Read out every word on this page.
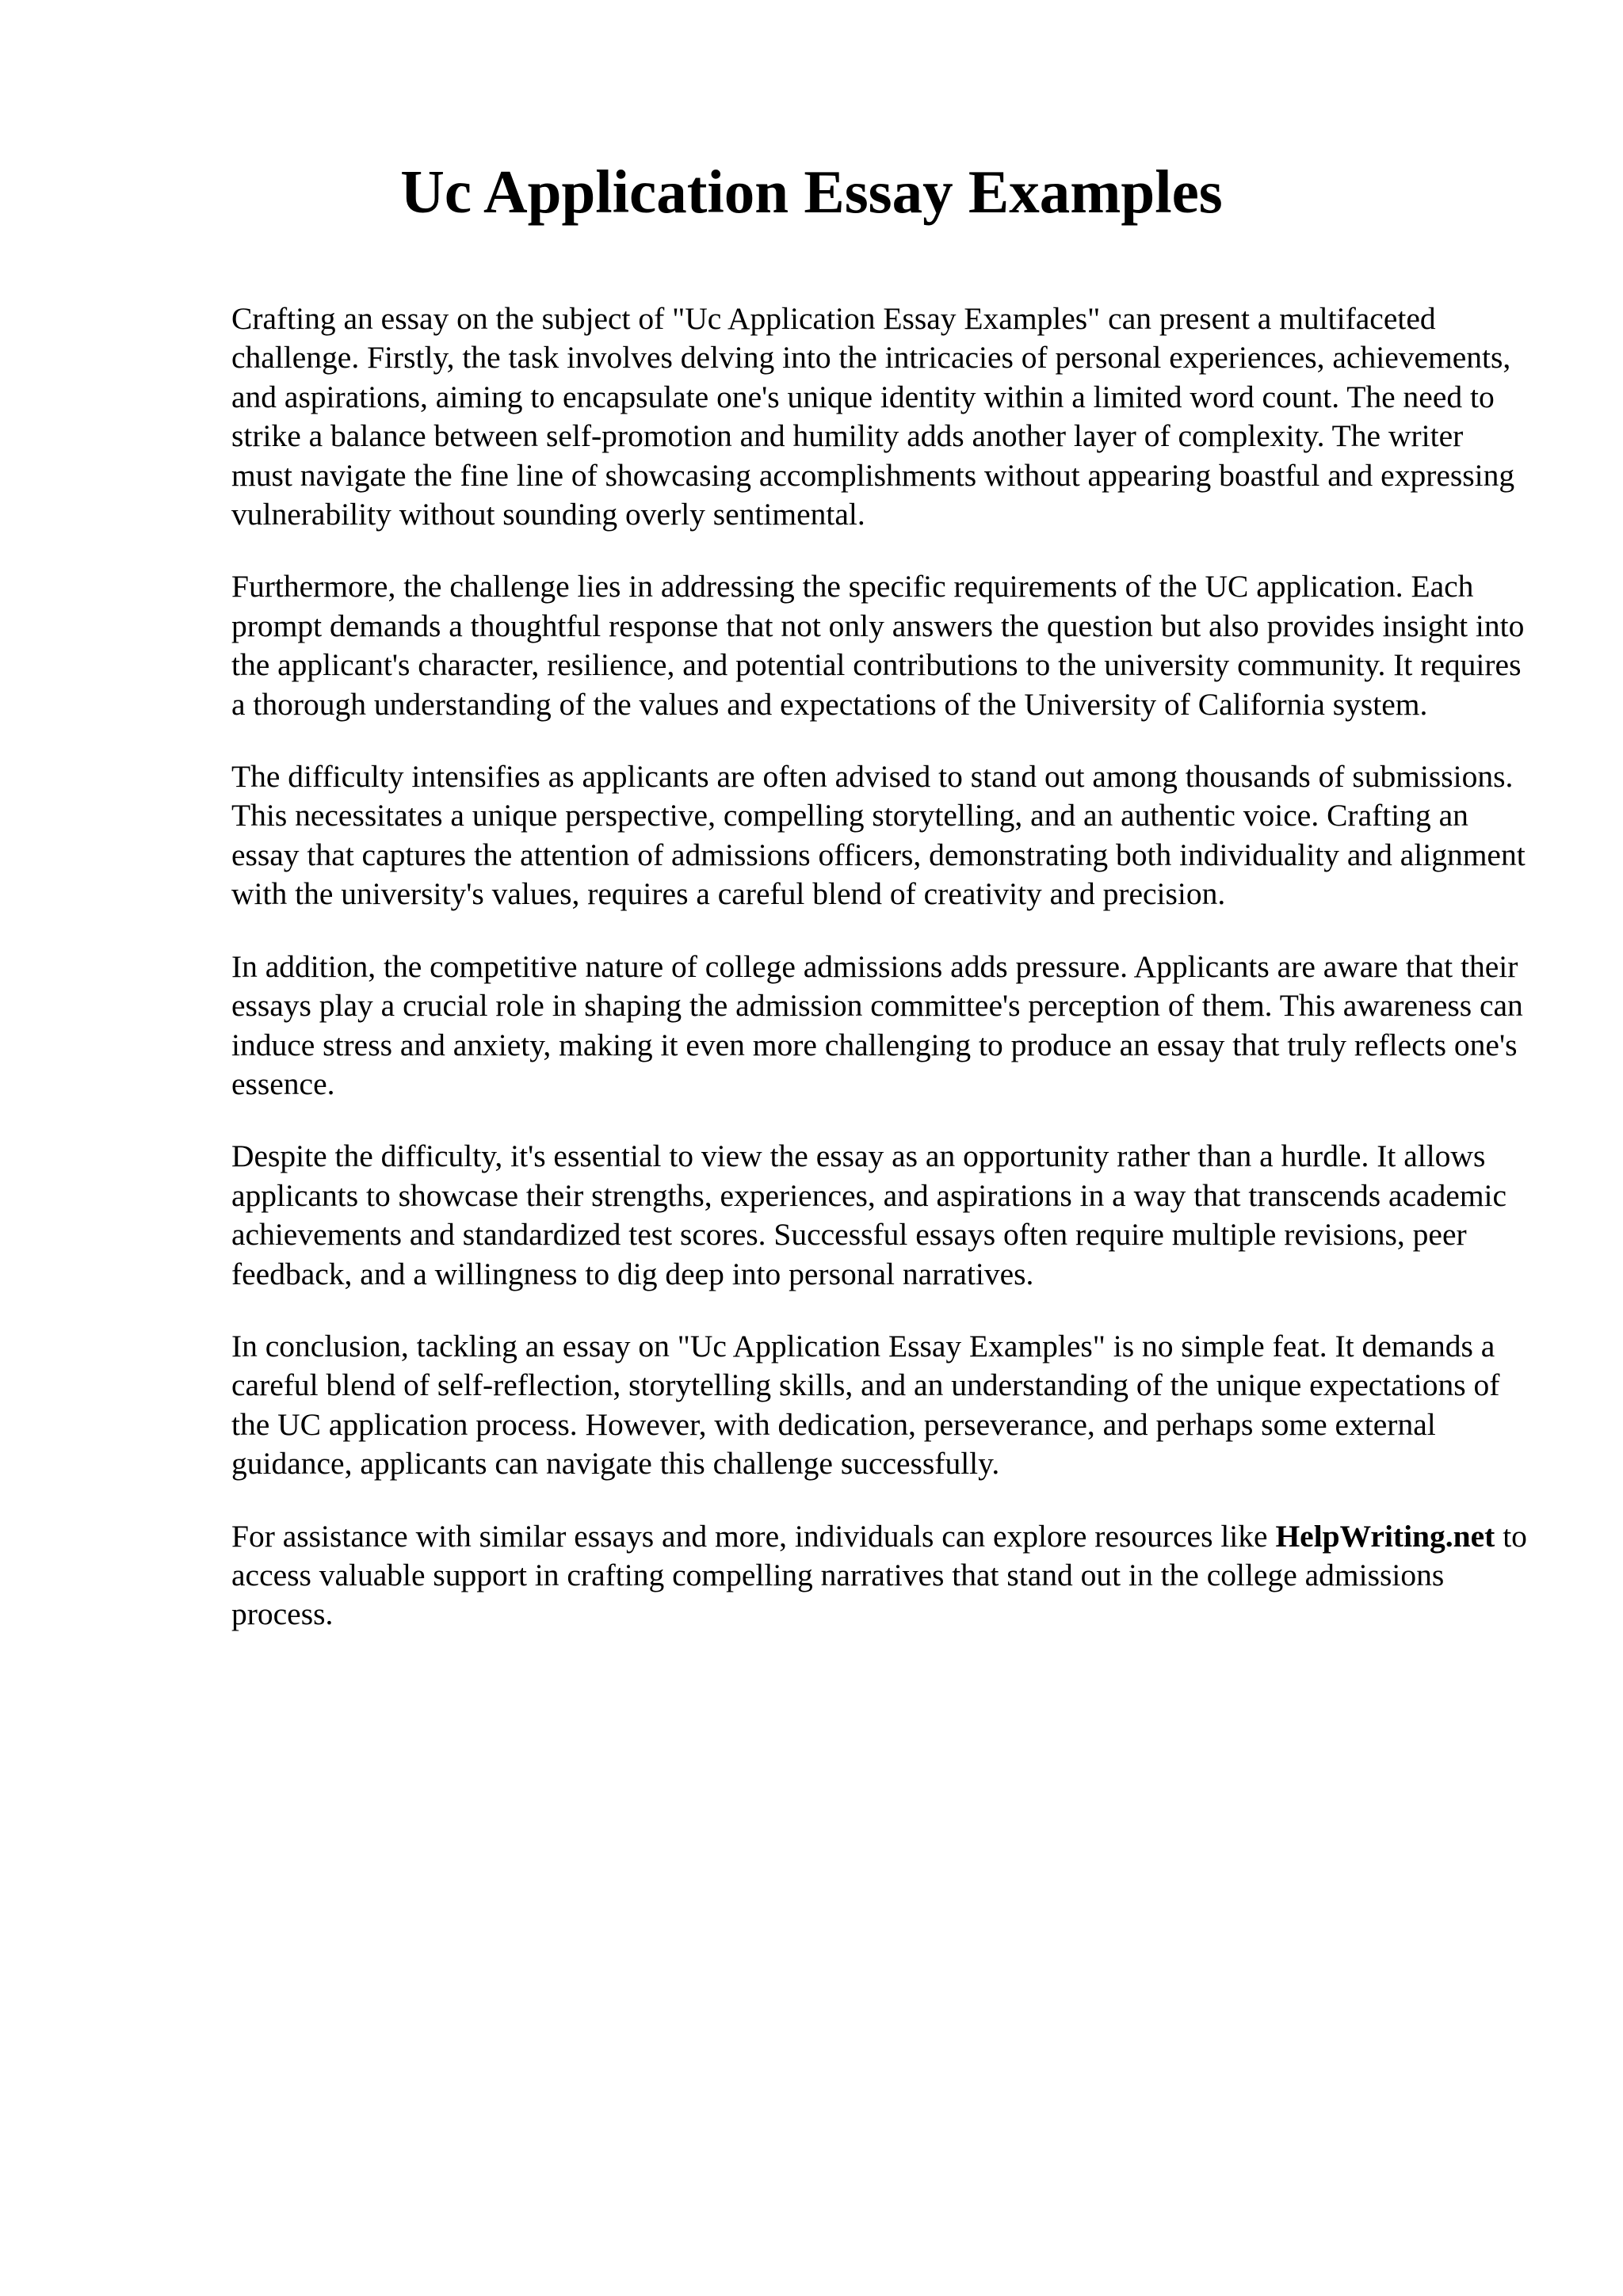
Uc Application Essay Examples

Crafting an essay on the subject of "Uc Application Essay Examples" can present a multifaceted challenge. Firstly, the task involves delving into the intricacies of personal experiences, achievements, and aspirations, aiming to encapsulate one's unique identity within a limited word count. The need to strike a balance between self-promotion and humility adds another layer of complexity. The writer must navigate the fine line of showcasing accomplishments without appearing boastful and expressing vulnerability without sounding overly sentimental.

Furthermore, the challenge lies in addressing the specific requirements of the UC application. Each prompt demands a thoughtful response that not only answers the question but also provides insight into the applicant's character, resilience, and potential contributions to the university community. It requires a thorough understanding of the values and expectations of the University of California system.

The difficulty intensifies as applicants are often advised to stand out among thousands of submissions. This necessitates a unique perspective, compelling storytelling, and an authentic voice. Crafting an essay that captures the attention of admissions officers, demonstrating both individuality and alignment with the university's values, requires a careful blend of creativity and precision.

In addition, the competitive nature of college admissions adds pressure. Applicants are aware that their essays play a crucial role in shaping the admission committee's perception of them. This awareness can induce stress and anxiety, making it even more challenging to produce an essay that truly reflects one's essence.

Despite the difficulty, it's essential to view the essay as an opportunity rather than a hurdle. It allows applicants to showcase their strengths, experiences, and aspirations in a way that transcends academic achievements and standardized test scores. Successful essays often require multiple revisions, peer feedback, and a willingness to dig deep into personal narratives.

In conclusion, tackling an essay on "Uc Application Essay Examples" is no simple feat. It demands a careful blend of self-reflection, storytelling skills, and an understanding of the unique expectations of the UC application process. However, with dedication, perseverance, and perhaps some external guidance, applicants can navigate this challenge successfully.

For assistance with similar essays and more, individuals can explore resources like HelpWriting.net to access valuable support in crafting compelling narratives that stand out in the college admissions process.
